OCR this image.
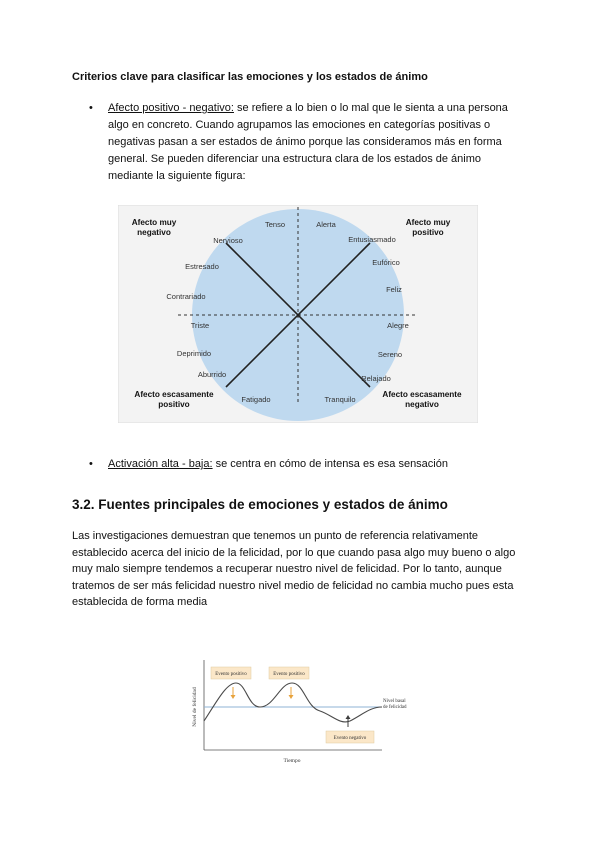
Criterios clave para clasificar las emociones y los estados de ánimo
• Afecto positivo - negativo: se refiere a lo bien o lo mal que le sienta a una persona algo en concreto. Cuando agrupamos las emociones en categorías positivas o negativas pasan a ser estados de ánimo porque las consideramos más en forma general. Se pueden diferenciar una estructura clara de los estados de ánimo mediante la siguiente figura:
Afecto muy
negativo
Afecto muy
positivo
Afecto escasamente
positivo
Afecto escasamente
negativo
Tenso	Alerta
Nervioso	Entusiasmado
Estresado	Eufórico
Contrariado
Feliz
Triste	Alegre
Deprimido	Sereno
Aburrido	Relajado
Fatigado	Tranquilo
• Activación alta - baja: se centra en cómo de intensa es esa sensación
3.2. Fuentes principales de emociones y estados de ánimo
Las investigaciones demuestran que tenemos un punto de referencia relativamente establecido acerca del inicio de la felicidad, por lo que cuando pasa algo muy bueno o algo muy malo siempre tendemos a recuperar nuestro nivel de felicidad. Por lo tanto, aunque tratemos de ser más felicidad nuestro nivel medio de felicidad no cambia mucho pues esta establecida de forma media
Evento positivo	Evento positivo
Evento negativo
Nivel basal
de felicidad
Nivel de felicidad
Tiempo
